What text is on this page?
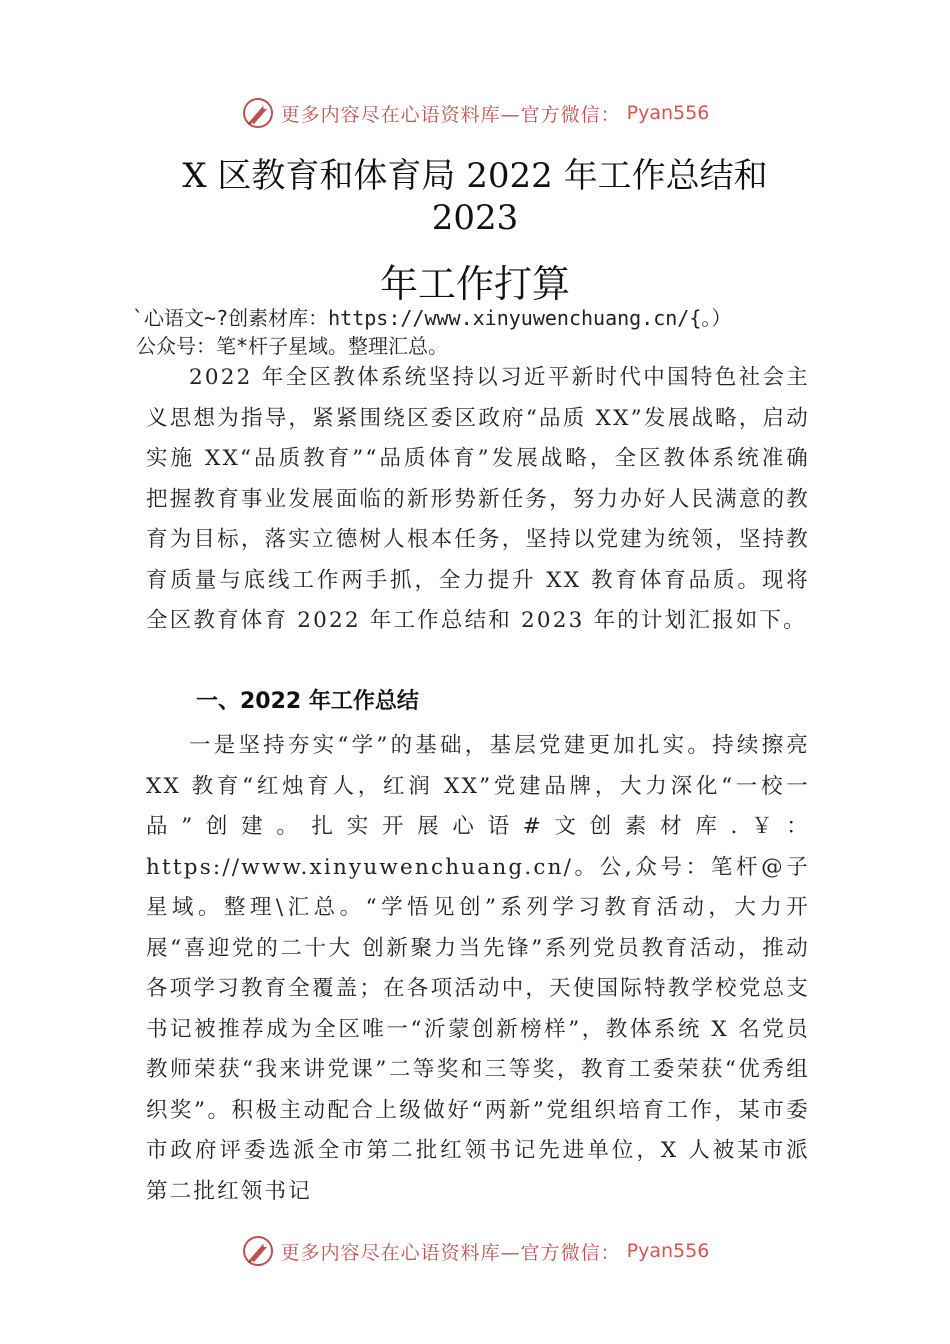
更多内容尽在心语资料库—官方微信： Pyan556
X 区教育和体育局 2022 年工作总结和
2023
年工作打算
`心语文~?创素材库：https://www.xinyuwenchuang.cn/{。）
公众号：笔*杆子星域。整理汇总。

2022 年全区教体系统坚持以习近平新时代中国特色社会主义思想为指导，紧紧围绕区委区政府“品质 XX”发展战略，启动实施 XX“品质教育”“品质体育”发展战略，全区教体系统准确把握教育事业发展面临的新形势新任务，努力办好人民满意的教育为目标，落实立德树人根本任务，坚持以党建为统领，坚持教育质量与底线工作两手抓，全力提升 XX 教育体育品质。现将全区教育体育 2022 年工作总结和 2023 年的计划汇报如下。

一、2022 年工作总结

一是坚持夯实“学”的基础，基层党建更加扎实。持续擦亮 XX 教育“红烛育人，红润 XX”党建品牌，大力深化“一校一品”创建。扎实开展心语#文创素材库.￥：https://www.xinyuwenchuang.cn/。公,众号：笔杆@子星域。整理\汇总。“学悟见创”系列学习教育活动，大力开展“喜迎党的二十大 创新聚力当先锋”系列党员教育活动，推动各项学习教育全覆盖；在各项活动中，天使国际特教学校党总支书记被推荐成为全区唯一“沂蒙创新榜样”，教体系统 X 名党员教师荣获“我来讲党课”二等奖和三等奖，教育工委荣获“优秀组织奖”。积极主动配合上级做好“两新”党组织培育工作，某市委市政府评委选派全市第二批红领书记先进单位，X 人被某市派第二批红领书记

更多内容尽在心语资料库—官方微信： Pyan556
